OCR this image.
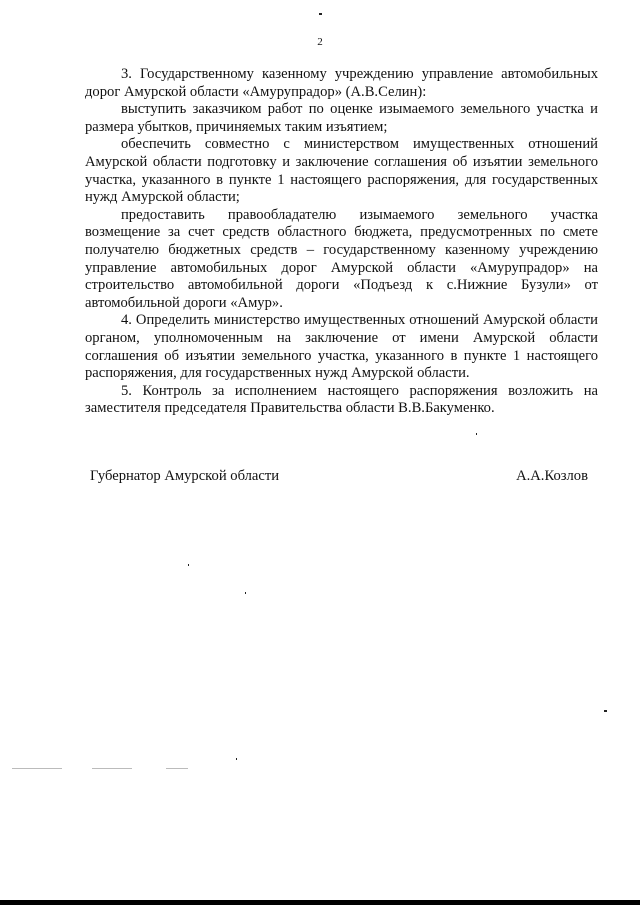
2

3. Государственному казенному учреждению управление автомобильных дорог Амурской области «Амурупрадор» (А.В.Селин):

выступить заказчиком работ по оценке изымаемого земельного участка и размера убытков, причиняемых таким изъятием;

обеспечить совместно с министерством имущественных отношений Амурской области подготовку и заключение соглашения об изъятии земельного участка, указанного в пункте 1 настоящего распоряжения, для государственных нужд Амурской области;

предоставить правообладателю изымаемого земельного участка возмещение за счет средств областного бюджета, предусмотренных по смете получателю бюджетных средств – государственному казенному учреждению управление автомобильных дорог Амурской области «Амурупрадор» на строительство автомобильной дороги «Подъезд к с.Нижние Бузули» от автомобильной дороги «Амур».

4. Определить министерство имущественных отношений Амурской области органом, уполномоченным на заключение от имени Амурской области соглашения об изъятии земельного участка, указанного в пункте 1 настоящего распоряжения, для государственных нужд Амурской области.

5. Контроль за исполнением настоящего распоряжения возложить на заместителя председателя Правительства области В.В.Бакуменко.

Губернатор Амурской области	А.А.Козлов
